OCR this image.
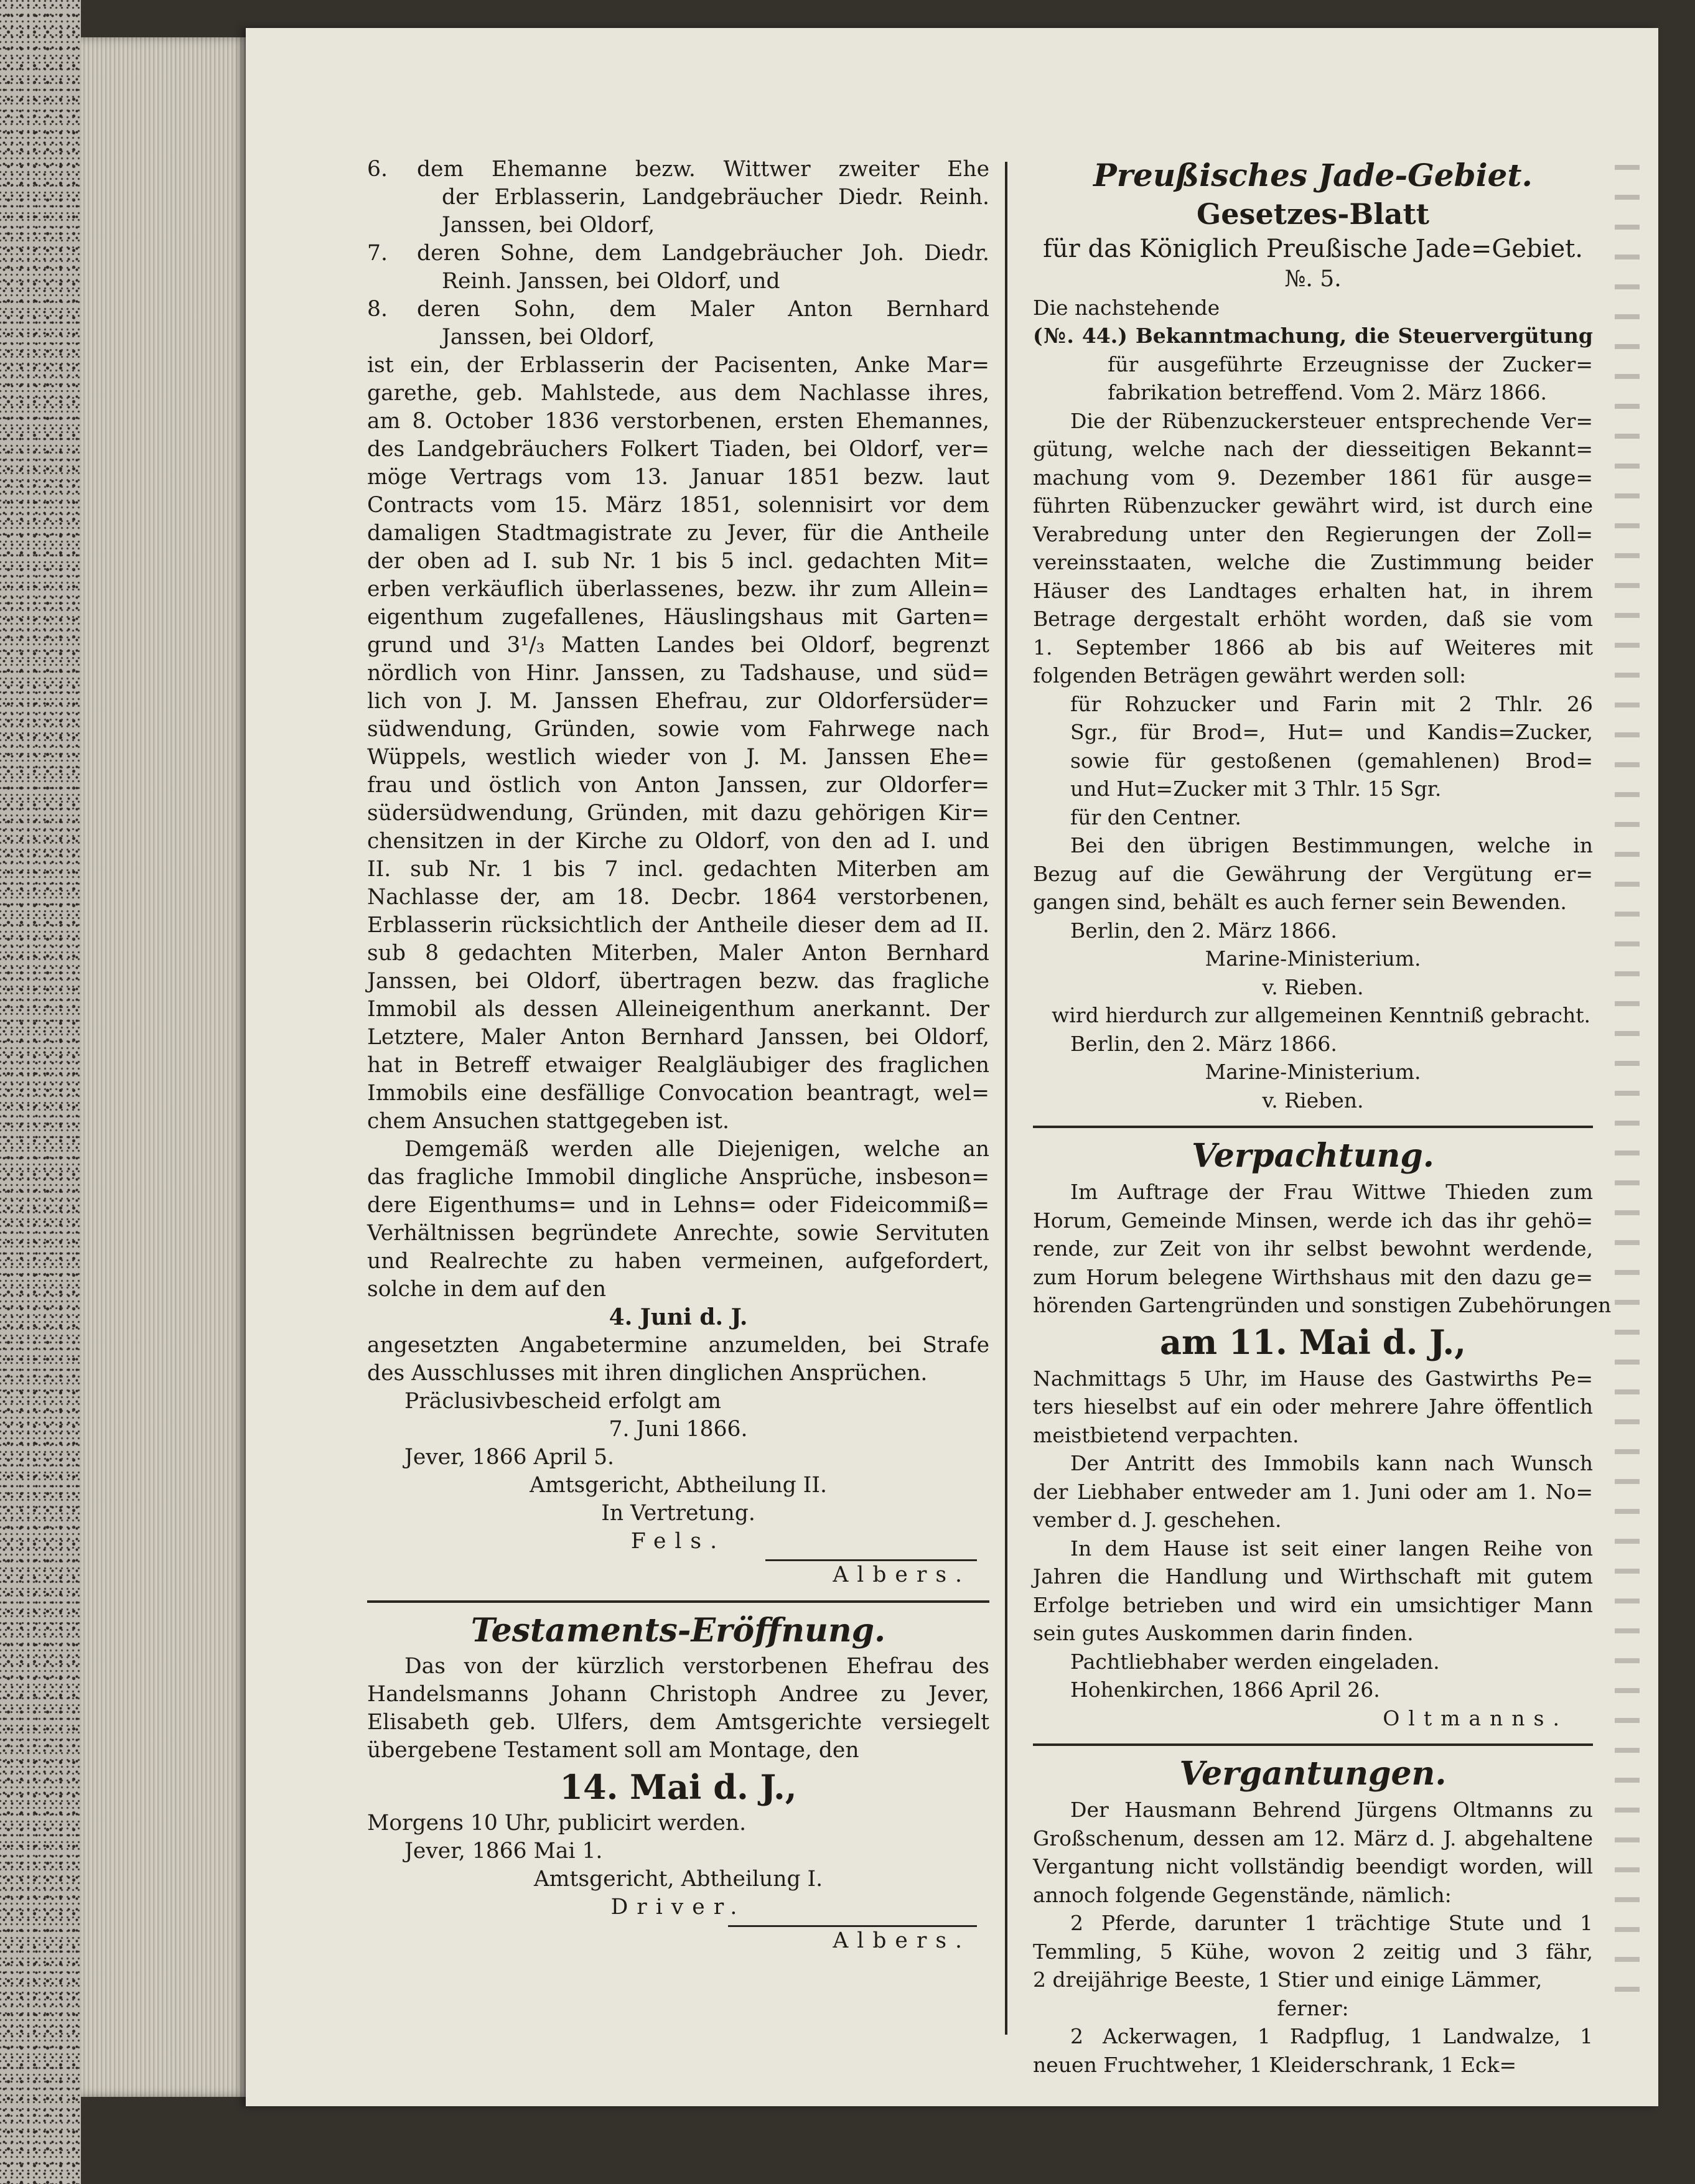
6. dem Ehemanne bezw. Wittwer zweiter Ehe

der Erblasserin, Landgebräucher Diedr. Reinh.

Janssen, bei Oldorf,

7. deren Sohne, dem Landgebräucher Joh. Diedr.

Reinh. Janssen, bei Oldorf, und

8. deren Sohn, dem Maler Anton Bernhard

Janssen, bei Oldorf,

ist ein, der Erblasserin der Pacisenten, Anke Mar=

garethe, geb. Mahlstede, aus dem Nachlasse ihres,

am 8. October 1836 verstorbenen, ersten Ehemannes,

des Landgebräuchers Folkert Tiaden, bei Oldorf, ver=

möge Vertrags vom 13. Januar 1851 bezw. laut

Contracts vom 15. März 1851, solennisirt vor dem

damaligen Stadtmagistrate zu Jever, für die Antheile

der oben ad I. sub Nr. 1 bis 5 incl. gedachten Mit=

erben verkäuflich überlassenes, bezw. ihr zum Allein=

eigenthum zugefallenes, Häuslingshaus mit Garten=

grund und 3¹/₃ Matten Landes bei Oldorf, begrenzt

nördlich von Hinr. Janssen, zu Tadshause, und süd=

lich von J. M. Janssen Ehefrau, zur Oldorfersüder=

südwendung, Gründen, sowie vom Fahrwege nach

Wüppels, westlich wieder von J. M. Janssen Ehe=

frau und östlich von Anton Janssen, zur Oldorfer=

südersüdwendung, Gründen, mit dazu gehörigen Kir=

chensitzen in der Kirche zu Oldorf, von den ad I. und

II. sub Nr. 1 bis 7 incl. gedachten Miterben am

Nachlasse der, am 18. Decbr. 1864 verstorbenen,

Erblasserin rücksichtlich der Antheile dieser dem ad II.

sub 8 gedachten Miterben, Maler Anton Bernhard

Janssen, bei Oldorf, übertragen bezw. das fragliche

Immobil als dessen Alleineigenthum anerkannt. Der

Letztere, Maler Anton Bernhard Janssen, bei Oldorf,

hat in Betreff etwaiger Realgläubiger des fraglichen

Immobils eine desfällige Convocation beantragt, wel=

chem Ansuchen stattgegeben ist.

Demgemäß werden alle Diejenigen, welche an

das fragliche Immobil dingliche Ansprüche, insbeson=

dere Eigenthums= und in Lehns= oder Fideicommiß=

Verhältnissen begründete Anrechte, sowie Servituten

und Realrechte zu haben vermeinen, aufgefordert,

solche in dem auf den

4. Juni d. J.

angesetzten Angabetermine anzumelden, bei Strafe

des Ausschlusses mit ihren dinglichen Ansprüchen.

Präclusivbescheid erfolgt am

7. Juni 1866.

Jever, 1866 April 5.

Amtsgericht, Abtheilung II.

In Vertretung.

Fels.

Albers.

Testaments-Eröffnung.

Das von der kürzlich verstorbenen Ehefrau des

Handelsmanns Johann Christoph Andree zu Jever,

Elisabeth geb. Ulfers, dem Amtsgerichte versiegelt

übergebene Testament soll am Montage, den

14. Mai d. J.,

Morgens 10 Uhr, publicirt werden.

Jever, 1866 Mai 1.

Amtsgericht, Abtheilung I.

Driver.

Albers.

Preußisches Jade-Gebiet.

Gesetzes-Blatt

für das Königlich Preußische Jade=Gebiet.

№. 5.

Die nachstehende

(№. 44.) Bekanntmachung, die Steuervergütung

für ausgeführte Erzeugnisse der Zucker=

fabrikation betreffend. Vom 2. März 1866.

Die der Rübenzuckersteuer entsprechende Ver=

gütung, welche nach der diesseitigen Bekannt=

machung vom 9. Dezember 1861 für ausge=

führten Rübenzucker gewährt wird, ist durch eine

Verabredung unter den Regierungen der Zoll=

vereinsstaaten, welche die Zustimmung beider

Häuser des Landtages erhalten hat, in ihrem

Betrage dergestalt erhöht worden, daß sie vom

1. September 1866 ab bis auf Weiteres mit

folgenden Beträgen gewährt werden soll:

für Rohzucker und Farin mit 2 Thlr. 26

Sgr., für Brod=, Hut= und Kandis=Zucker,

sowie für gestoßenen (gemahlenen) Brod=

und Hut=Zucker mit 3 Thlr. 15 Sgr.

für den Centner.

Bei den übrigen Bestimmungen, welche in

Bezug auf die Gewährung der Vergütung er=

gangen sind, behält es auch ferner sein Bewenden.

Berlin, den 2. März 1866.

Marine-Ministerium.

v. Rieben.

wird hierdurch zur allgemeinen Kenntniß gebracht.

Berlin, den 2. März 1866.

Marine-Ministerium.

v. Rieben.

Verpachtung.

Im Auftrage der Frau Wittwe Thieden zum

Horum, Gemeinde Minsen, werde ich das ihr gehö=

rende, zur Zeit von ihr selbst bewohnt werdende,

zum Horum belegene Wirthshaus mit den dazu ge=

hörenden Gartengründen und sonstigen Zubehörungen

am 11. Mai d. J.,

Nachmittags 5 Uhr, im Hause des Gastwirths Pe=

ters hieselbst auf ein oder mehrere Jahre öffentlich

meistbietend verpachten.

Der Antritt des Immobils kann nach Wunsch

der Liebhaber entweder am 1. Juni oder am 1. No=

vember d. J. geschehen.

In dem Hause ist seit einer langen Reihe von

Jahren die Handlung und Wirthschaft mit gutem

Erfolge betrieben und wird ein umsichtiger Mann

sein gutes Auskommen darin finden.

Pachtliebhaber werden eingeladen.

Hohenkirchen, 1866 April 26.

Oltmanns.

Vergantungen.

Der Hausmann Behrend Jürgens Oltmanns zu

Großschenum, dessen am 12. März d. J. abgehaltene

Vergantung nicht vollständig beendigt worden, will

annoch folgende Gegenstände, nämlich:

2 Pferde, darunter 1 trächtige Stute und 1

Temmling, 5 Kühe, wovon 2 zeitig und 3 fähr,

2 dreijährige Beeste, 1 Stier und einige Lämmer,

ferner:

2 Ackerwagen, 1 Radpflug, 1 Landwalze, 1

neuen Fruchtweher, 1 Kleiderschrank, 1 Eck=
